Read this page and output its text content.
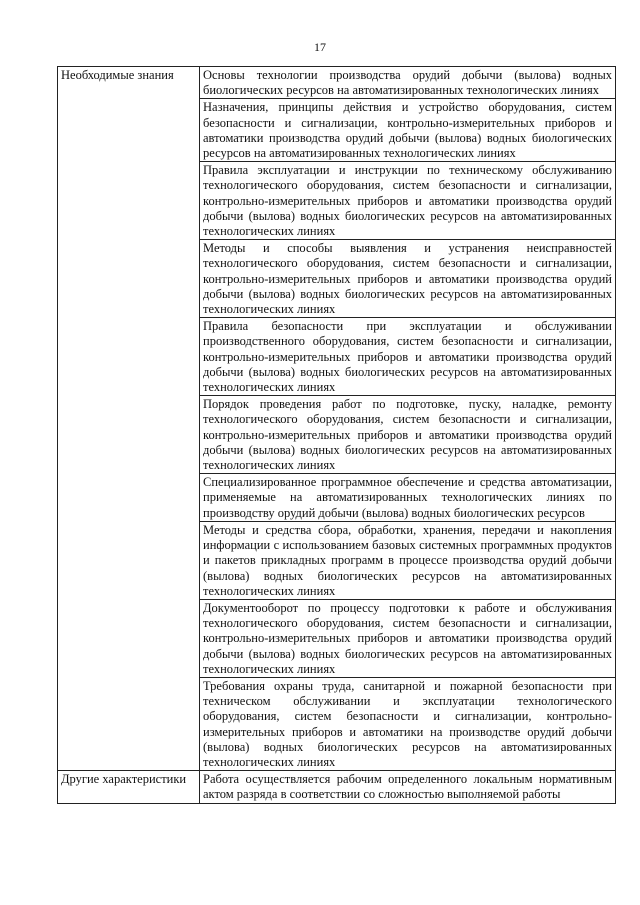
17
Необходимые знания	Основы технологии производства орудий добычи (вылова) водных биологических ресурсов на автоматизированных технологических линиях
	Назначения, принципы действия и устройство оборудования, систем безопасности и сигнализации, контрольно-измерительных приборов и автоматики производства орудий добычи (вылова) водных биологических ресурсов на автоматизированных технологических линиях
	Правила эксплуатации и инструкции по техническому обслуживанию технологического оборудования, систем безопасности и сигнализации, контрольно-измерительных приборов и автоматики производства орудий добычи (вылова) водных биологических ресурсов на автоматизированных технологических линиях
	Методы и способы выявления и устранения неисправностей технологического оборудования, систем безопасности и сигнализации, контрольно-измерительных приборов и автоматики производства орудий добычи (вылова) водных биологических ресурсов на автоматизированных технологических линиях
	Правила безопасности при эксплуатации и обслуживании производственного оборудования, систем безопасности и сигнализации, контрольно-измерительных приборов и автоматики производства орудий добычи (вылова) водных биологических ресурсов на автоматизированных технологических линиях
	Порядок проведения работ по подготовке, пуску, наладке, ремонту технологического оборудования, систем безопасности и сигнализации, контрольно-измерительных приборов и автоматики производства орудий добычи (вылова) водных биологических ресурсов на автоматизированных технологических линиях
	Специализированное программное обеспечение и средства автоматизации, применяемые на автоматизированных технологических линиях по производству орудий добычи (вылова) водных биологических ресурсов
	Методы и средства сбора, обработки, хранения, передачи и накопления информации с использованием базовых системных программных продуктов и пакетов прикладных программ в процессе производства орудий добычи (вылова) водных биологических ресурсов на автоматизированных технологических линиях
	Документооборот по процессу подготовки к работе и обслуживания технологического оборудования, систем безопасности и сигнализации, контрольно-измерительных приборов и автоматики производства орудий добычи (вылова) водных биологических ресурсов на автоматизированных технологических линиях
	Требования охраны труда, санитарной и пожарной безопасности при техническом обслуживании и эксплуатации технологического оборудования, систем безопасности и сигнализации, контрольно-измерительных приборов и автоматики на производстве орудий добычи (вылова) водных биологических ресурсов на автоматизированных технологических линиях
Другие характеристики	Работа осуществляется рабочим определенного локальным нормативным актом разряда в соответствии со сложностью выполняемой работы
